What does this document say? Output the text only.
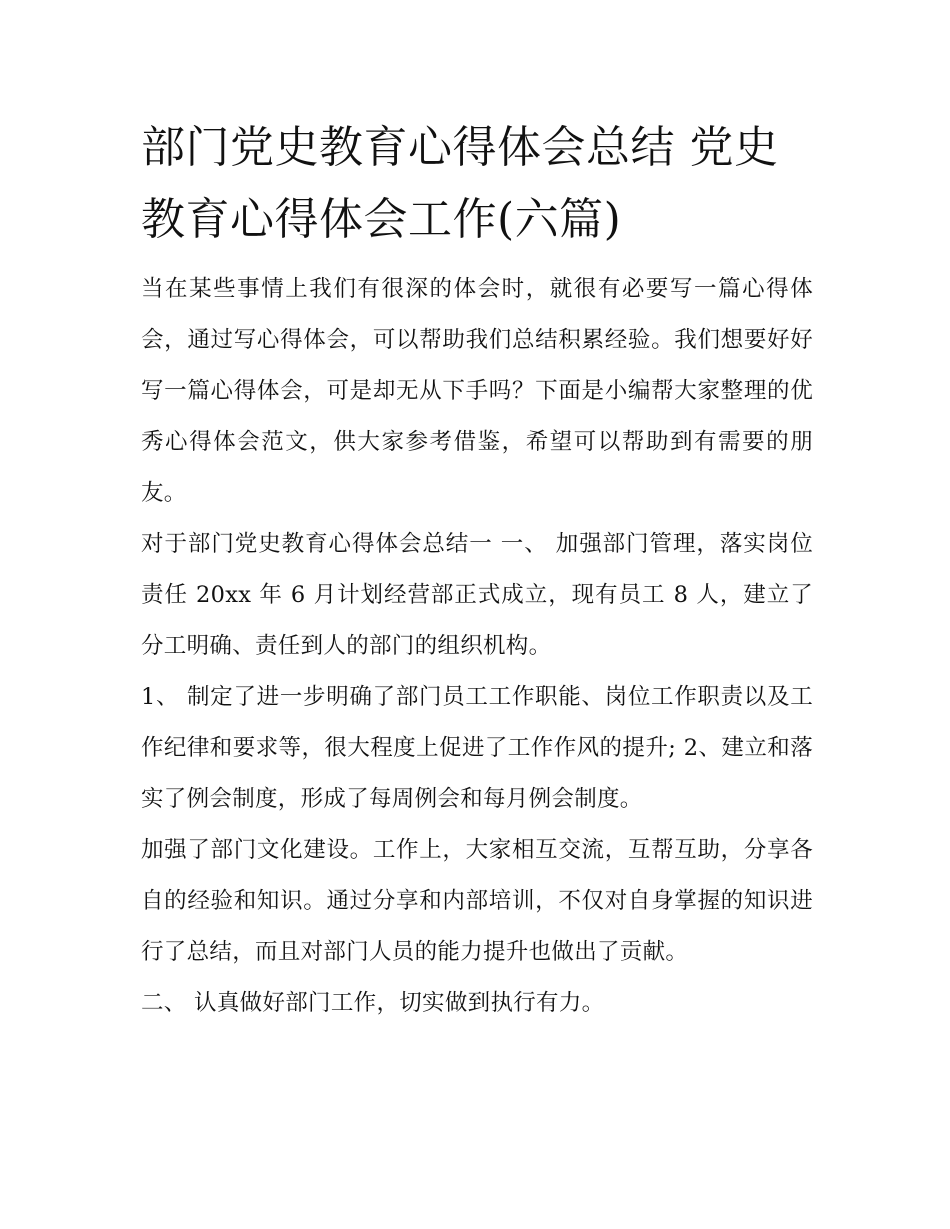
部门党史教育心得体会总结 党史教育心得体会工作(六篇)

当在某些事情上我们有很深的体会时，就很有必要写一篇心得体会，通过写心得体会，可以帮助我们总结积累经验。我们想要好好写一篇心得体会，可是却无从下手吗？下面是小编帮大家整理的优秀心得体会范文，供大家参考借鉴，希望可以帮助到有需要的朋友。

对于部门党史教育心得体会总结一 一、 加强部门管理，落实岗位责任 20xx 年 6 月计划经营部正式成立，现有员工 8 人，建立了分工明确、责任到人的部门的组织机构。

1、 制定了进一步明确了部门员工工作职能、岗位工作职责以及工作纪律和要求等，很大程度上促进了工作作风的提升; 2、建立和落实了例会制度，形成了每周例会和每月例会制度。

加强了部门文化建设。工作上，大家相互交流，互帮互助，分享各自的经验和知识。通过分享和内部培训，不仅对自身掌握的知识进行了总结，而且对部门人员的能力提升也做出了贡献。

二、 认真做好部门工作，切实做到执行有力。
